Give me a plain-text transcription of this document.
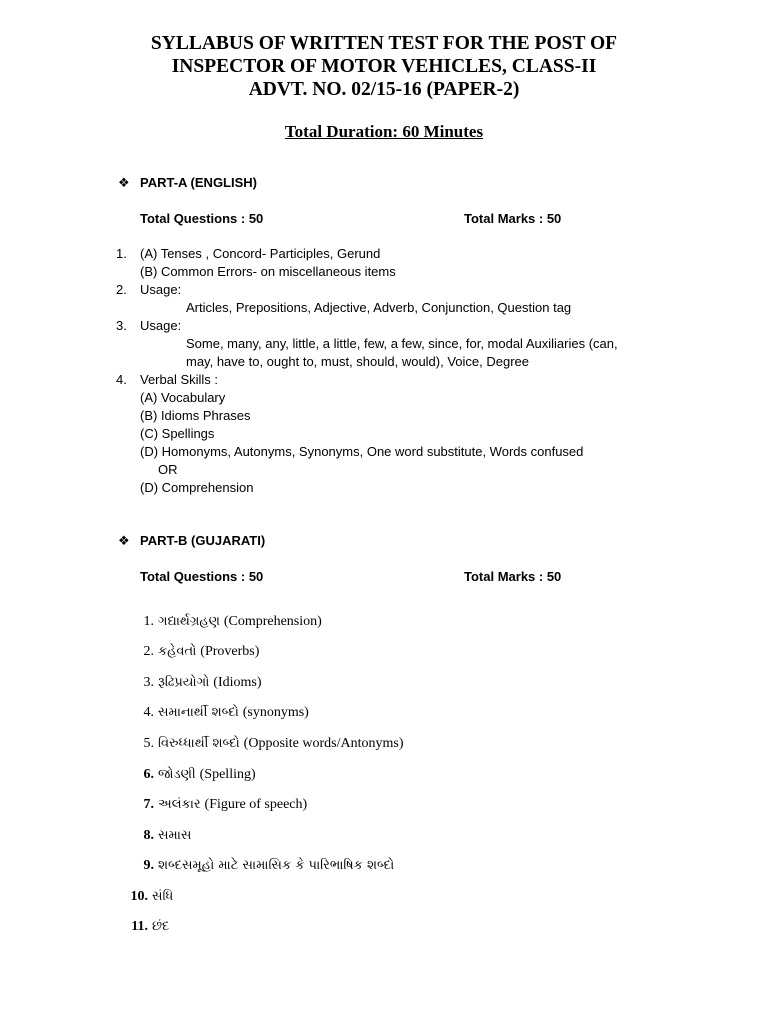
SYLLABUS OF WRITTEN TEST FOR THE POST OF
INSPECTOR OF MOTOR VEHICLES, CLASS-II
ADVT. NO. 02/15-16 (PAPER-2)
Total Duration: 60 Minutes
❖ PART-A (ENGLISH)
Total Questions : 50	Total Marks : 50
1. (A) Tenses , Concord- Participles, Gerund
(B) Common Errors- on miscellaneous items
2. Usage:
Articles, Prepositions, Adjective, Adverb, Conjunction, Question tag
3. Usage:
Some, many, any, little, a little, few, a few, since, for, modal Auxiliaries (can,
may, have to, ought to, must, should, would), Voice, Degree
4. Verbal Skills :
(A) Vocabulary
(B) Idioms Phrases
(C) Spellings
(D) Homonyms, Autonyms, Synonyms, One word substitute, Words confused
OR
(D) Comprehension
❖ PART-B (GUJARATI)
Total Questions : 50	Total Marks : 50
1. ગદ્યાર્થગ્રહણ (Comprehension)
2. કહેવતો (Proverbs)
3. રૂઢિપ્રયોગો (Idioms)
4. સમાનાર્થી શબ્દો (synonyms)
5. વિરુધ્ધાર્થી શબ્દો (Opposite words/Antonyms)
6. જોડણી (Spelling)
7. અલંકાર (Figure of speech)
8. સમાસ
9. શબ્દસમૂહો માટે સામાસિક કે પારિભાષિક શબ્દો
10. સંધિ
11. છંદ
